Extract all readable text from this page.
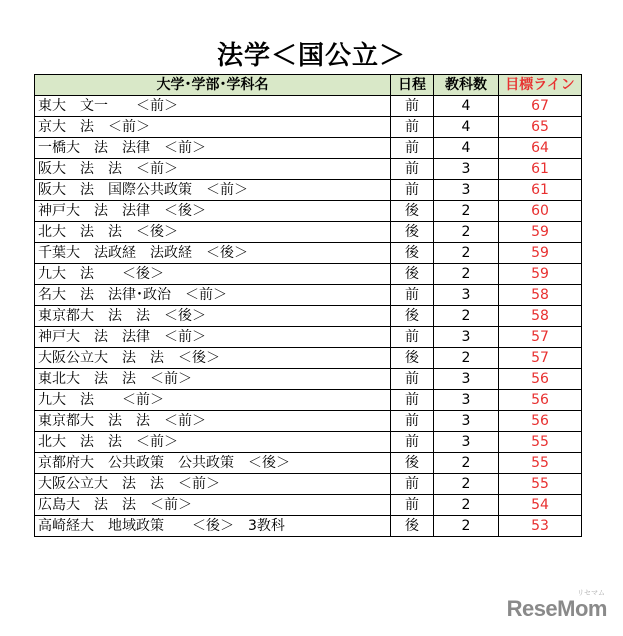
法学＜国公立＞
大学･学部･学科名	日程	教科数	目標ライン
東大　文一　　＜前＞	前	4	67
京大　法　＜前＞	前	4	65
一橋大　法　法律　＜前＞	前	4	64
阪大　法　法　＜前＞	前	3	61
阪大　法　国際公共政策　＜前＞	前	3	61
神戸大　法　法律　＜後＞	後	2	60
北大　法　法　＜後＞	後	2	59
千葉大　法政経　法政経　＜後＞	後	2	59
九大　法　　＜後＞	後	2	59
名大　法　法律･政治　＜前＞	前	3	58
東京都大　法　法　＜後＞	後	2	58
神戸大　法　法律　＜前＞	前	3	57
大阪公立大　法　法　＜後＞	後	2	57
東北大　法　法　＜前＞	前	3	56
九大　法　　＜前＞	前	3	56
東京都大　法　法　＜前＞	前	3	56
北大　法　法　＜前＞	前	3	55
京都府大　公共政策　公共政策　＜後＞	後	2	55
大阪公立大　法　法　＜前＞	前	2	55
広島大　法　法　＜前＞	前	2	54
高崎経大　地域政策　　＜後＞　3教科	後	2	53
リセマム
ReseMom
